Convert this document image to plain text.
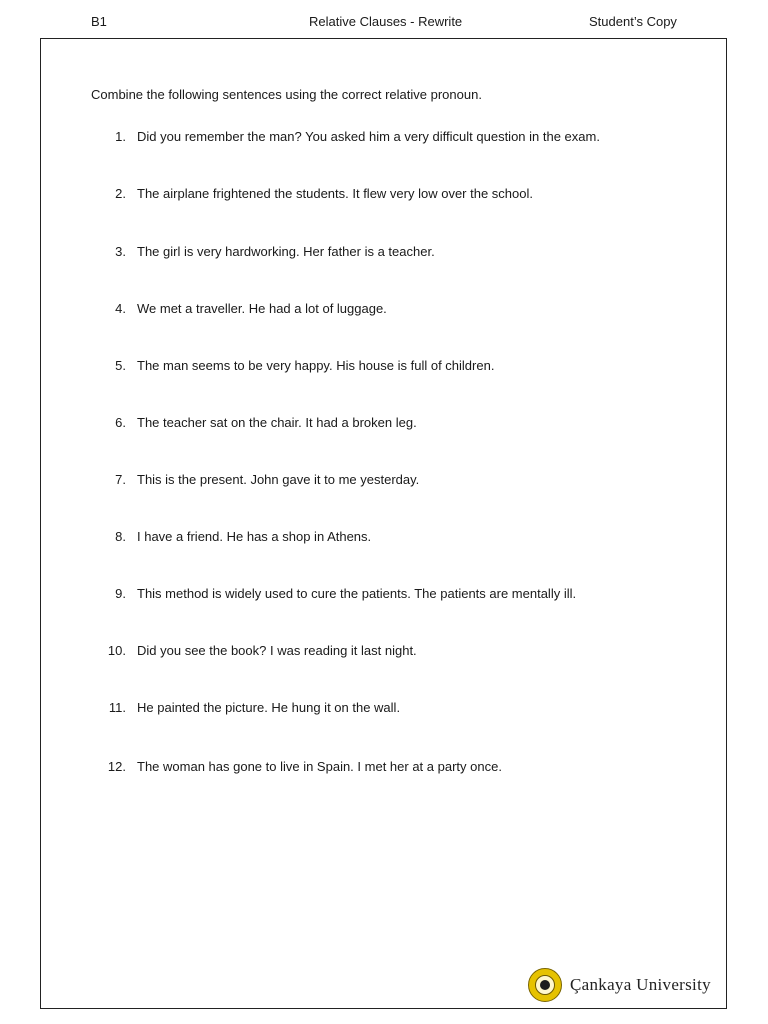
B1	Relative Clauses - Rewrite	Student’s Copy
Combine the following sentences using the correct relative pronoun.
1. Did you remember the man? You asked him a very difficult question in the exam.
2. The airplane frightened the students. It flew very low over the school.
3. The girl is very hardworking. Her father is a teacher.
4. We met a traveller. He had a lot of luggage.
5. The man seems to be very happy. His house is full of children.
6. The teacher sat on the chair. It had a broken leg.
7. This is the present. John gave it to me yesterday.
8. I have a friend. He has a shop in Athens.
9. This method is widely used to cure the patients. The patients are mentally ill.
10. Did you see the book? I was reading it last night.
11. He painted the picture. He hung it on the wall.
12. The woman has gone to live in Spain. I met her at a party once.
Çankaya University
